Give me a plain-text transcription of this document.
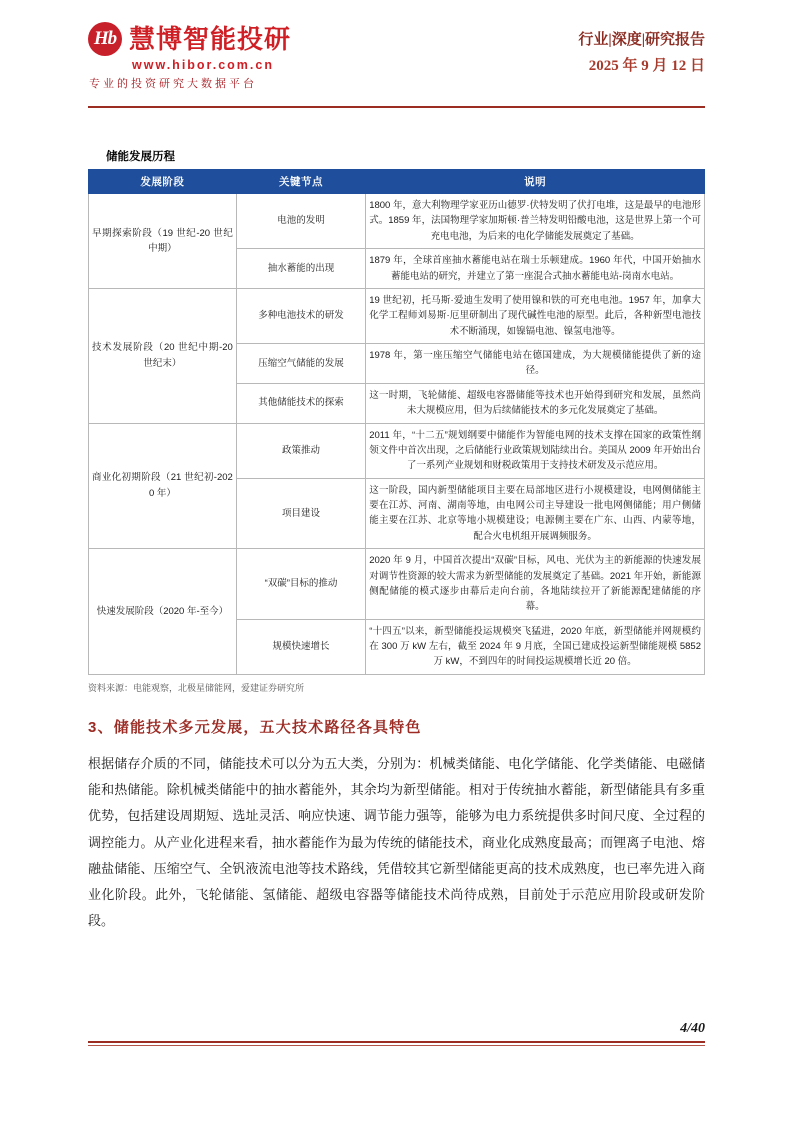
Hb 慧博智能投研
www.hibor.com.cn
专业的投资研究大数据平台
行业|深度|研究报告
2025 年 9 月 12 日
储能发展历程
发展阶段	关键节点	说明
早期探索阶段（19 世纪-20 世纪中期）	电池的发明	1800 年，意大利物理学家亚历山德罗·伏特发明了伏打电堆，这是最早的电池形式。1859 年，法国物理学家加斯顿·普兰特发明铅酸电池，这是世界上第一个可充电电池，为后来的电化学储能发展奠定了基础。
	抽水蓄能的出现	1879 年，全球首座抽水蓄能电站在瑞士乐顿建成。1960 年代，中国开始抽水蓄能电站的研究，并建立了第一座混合式抽水蓄能电站-岗南水电站。
技术发展阶段（20 世纪中期-20 世纪末）	多种电池技术的研发	19 世纪初，托马斯·爱迪生发明了使用镍和铁的可充电电池。1957 年，加拿大化学工程师刘易斯·厄里研制出了现代碱性电池的原型。此后，各种新型电池技术不断涌现，如镍镉电池、镍氢电池等。
	压缩空气储能的发展	1978 年，第一座压缩空气储能电站在德国建成，为大规模储能提供了新的途径。
	其他储能技术的探索	这一时期，飞轮储能、超级电容器储能等技术也开始得到研究和发展，虽然尚未大规模应用，但为后续储能技术的多元化发展奠定了基础。
商业化初期阶段（21 世纪初-2020 年）	政策推动	2011 年，“十二五”规划纲要中储能作为智能电网的技术支撑在国家的政策性纲领文件中首次出现，之后储能行业政策规划陆续出台。美国从 2009 年开始出台了一系列产业规划和财税政策用于支持技术研发及示范应用。
	项目建设	这一阶段，国内新型储能项目主要在局部地区进行小规模建设，电网侧储能主要在江苏、河南、湖南等地，由电网公司主导建设一批电网侧储能；用户侧储能主要在江苏、北京等地小规模建设；电源侧主要在广东、山西、内蒙等地，配合火电机组开展调频服务。
快速发展阶段（2020 年-至今）	“双碳”目标的推动	2020 年 9 月，中国首次提出“双碳”目标，风电、光伏为主的新能源的快速发展对调节性资源的较大需求为新型储能的发展奠定了基础。2021 年开始，新能源侧配储能的模式逐步由幕后走向台前，各地陆续拉开了新能源配建储能的序幕。
	规模快速增长	“十四五”以来，新型储能投运规模突飞猛进，2020 年底，新型储能并网规模约在 300 万 kW 左右，截至 2024 年 9 月底，全国已建成投运新型储能规模 5852 万 kW，不到四年的时间投运规模增长近 20 倍。
资料来源：电能观察，北极星储能网，爱建证券研究所
3、储能技术多元发展，五大技术路径各具特色

根据储存介质的不同，储能技术可以分为五大类，分别为：机械类储能、电化学储能、化学类储能、电磁储能和热储能。除机械类储能中的抽水蓄能外，其余均为新型储能。相对于传统抽水蓄能，新型储能具有多重优势，包括建设周期短、选址灵活、响应快速、调节能力强等，能够为电力系统提供多时间尺度、全过程的调控能力。从产业化进程来看，抽水蓄能作为最为传统的储能技术，商业化成熟度最高；而锂离子电池、熔融盐储能、压缩空气、全钒液流电池等技术路线，凭借较其它新型储能更高的技术成熟度，也已率先进入商业化阶段。此外，飞轮储能、氢储能、超级电容器等储能技术尚待成熟，目前处于示范应用阶段或研发阶段。

4/40
